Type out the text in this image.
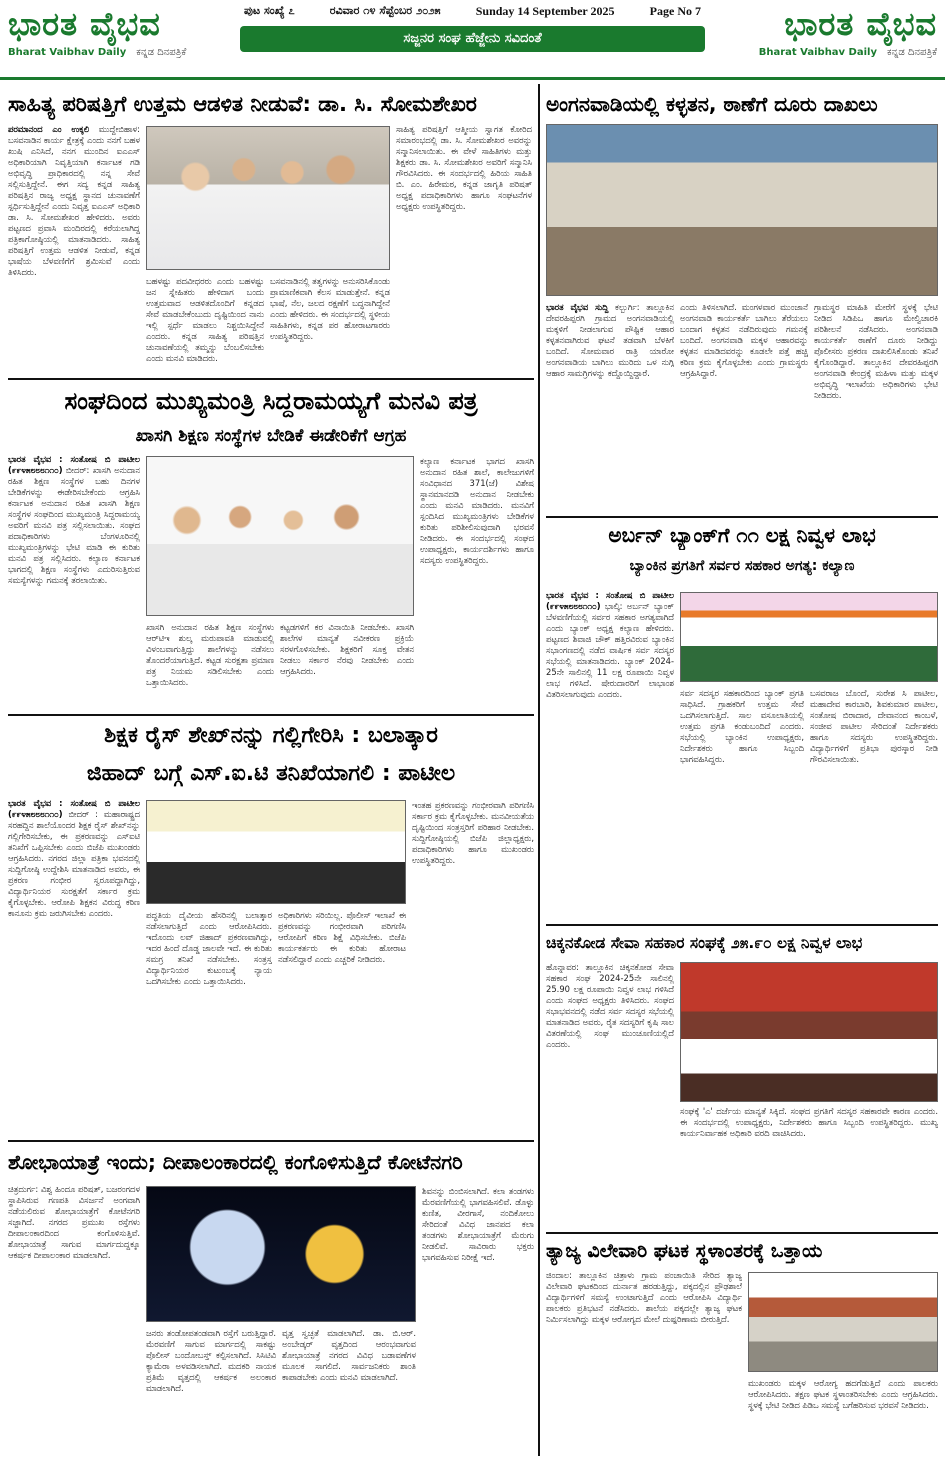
ಭಾರತ ವೈಭವ
Bharat Vaibhav Daily ಕನ್ನಡ ದಿನಪತ್ರಿಕೆ
ಪುಟ ಸಂಖ್ಯೆ ೭	ರವಿವಾರ ೧೪ ಸೆಪ್ಟೆಂಬರ ೨೦೨೫	Sunday 14 September 2025	Page No 7
ಸಜ್ಜನರ ಸಂಘ ಹೆಜ್ಜೇನು ಸವಿದಂತೆ	ಭಾರತ ವೈಭವ
Bharat Vaibhav Daily ಕನ್ನಡ ದಿನಪತ್ರಿಕೆ
ಸಾಹಿತ್ಯ ಪರಿಷತ್ತಿಗೆ ಉತ್ತಮ ಆಡಳಿತ ನೀಡುವೆ: ಡಾ. ಸಿ. ಸೋಮಶೇಖರ
ಪರಮಾನಂದ ಎಂ ಉಕ್ಕಲಿ ಮುದ್ದೇಬಿಹಾಳ: ಬಸವನಾಡಿನ ಕಾರ್ಯ ಕ್ಷೇತ್ರಕ್ಕೆ ಎಂದು ನನಗೆ ಬಹಳ ಖುಷಿ ಎನಿಸಿದೆ, ನನಗ ಮುಂದಿನ ಐಎಎಸ್ ಅಧಿಕಾರಿಯಾಗಿ ನಿವೃತ್ತಿಯಾಗಿ ಕರ್ನಾಟಕ ಗಡಿ ಅಭಿವೃದ್ಧಿ ಪ್ರಾಧಿಕಾರದಲ್ಲಿ ನನ್ನ ಸೇವೆ ಸಲ್ಲಿಸುತ್ತಿದ್ದೇನೆ. ಈಗ ಸದ್ಯ ಕನ್ನಡ ಸಾಹಿತ್ಯ ಪರಿಷತ್ತಿನ ರಾಜ್ಯ ಅಧ್ಯಕ್ಷ ಸ್ಥಾನದ ಚುನಾವಣೆಗೆ ಸ್ಪರ್ಧಿಸುತ್ತಿದ್ದೇನೆ ಎಂದು ನಿವೃತ್ತ ಐಎಎಸ್ ಅಧಿಕಾರಿ ಡಾ. ಸಿ. ಸೋಮಶೇಖರ ಹೇಳಿದರು. ಅವರು ಪಟ್ಟಣದ ಪ್ರವಾಸಿ ಮಂದಿರದಲ್ಲಿ ಕರೆಯಲಾಗಿದ್ದ ಪತ್ರಿಕಾಗೋಷ್ಠಿಯಲ್ಲಿ ಮಾತನಾಡಿದರು. ಸಾಹಿತ್ಯ ಪರಿಷತ್ತಿಗೆ ಉತ್ತಮ ಆಡಳಿತ ನೀಡುವೆ, ಕನ್ನಡ ಭಾಷೆಯ ಬೆಳವಣಿಗೆಗೆ ಶ್ರಮಿಸುವೆ ಎಂದು ತಿಳಿಸಿದರು.
ಬಹಳಷ್ಟು ಪದವೀಧರರು ಎಂದು ಬಹಳಷ್ಟು ಜನ ಸ್ನೇಹಿತರು ಹೇಳಿದಾಗ ಬಂದು ಉತ್ತಮವಾದ ಆಡಳಿತದೊಂದಿಗೆ ಕನ್ನಡದ ಸೇವೆ ಮಾಡಬೇಕೆಂಬುದು ದೃಷ್ಟಿಯಿಂದ ನಾನು ಇಲ್ಲಿ ಸ್ಪರ್ಧೆ ಮಾಡಲು ನಿಶ್ಚಯಿಸಿದ್ದೇನೆ ಎಂದರು. ಕನ್ನಡ ಸಾಹಿತ್ಯ ಪರಿಷತ್ತಿನ ಚುನಾವಣೆಯಲ್ಲಿ ತಮ್ಮನ್ನು ಬೆಂಬಲಿಸಬೇಕು ಎಂದು ಮನವಿ ಮಾಡಿದರು.
ಬಸವನಾಡಿನಲ್ಲಿ ತತ್ವಗಳನ್ನು ಅನುಸರಿಸಿಕೊಂಡು ಪ್ರಾಮಾಣಿಕವಾಗಿ ಕೆಲಸ ಮಾಡುತ್ತೇನೆ. ಕನ್ನಡ ಭಾಷೆ, ನೆಲ, ಜಲದ ರಕ್ಷಣೆಗೆ ಬದ್ಧನಾಗಿದ್ದೇನೆ ಎಂದು ಹೇಳಿದರು. ಈ ಸಂದರ್ಭದಲ್ಲಿ ಸ್ಥಳೀಯ ಸಾಹಿತಿಗಳು, ಕನ್ನಡ ಪರ ಹೋರಾಟಗಾರರು ಉಪಸ್ಥಿತರಿದ್ದರು.
ಸಾಹಿತ್ಯ ಪರಿಷತ್ತಿಗೆ ಆತ್ಮೀಯ ಸ್ವಾಗತ ಕೋರಿದ ಸಮಾರಂಭದಲ್ಲಿ ಡಾ. ಸಿ. ಸೋಮಶೇಖರ ಅವರನ್ನು ಸನ್ಮಾನಿಸಲಾಯಿತು. ಈ ವೇಳೆ ಸಾಹಿತಿಗಳು ಮತ್ತು ಶಿಕ್ಷಕರು ಡಾ. ಸಿ. ಸೋಮಶೇಖರ ಅವರಿಗೆ ಸನ್ಮಾನಿಸಿ ಗೌರವಿಸಿದರು. ಈ ಸಂದರ್ಭದಲ್ಲಿ ಹಿರಿಯ ಸಾಹಿತಿ ಬಿ. ಎಂ. ಹಿರೇಮಠ, ಕನ್ನಡ ಜಾಗೃತಿ ಪರಿಷತ್ ಅಧ್ಯಕ್ಷ ಪದಾಧಿಕಾರಿಗಳು ಹಾಗೂ ಸಂಘಟನೆಗಳ ಅಧ್ಯಕ್ಷರು ಉಪಸ್ಥಿತರಿದ್ದರು.
ಸಂಘದಿಂದ ಮುಖ್ಯಮಂತ್ರಿ ಸಿದ್ದರಾಮಯ್ಯಗೆ ಮನವಿ ಪತ್ರ
ಖಾಸಗಿ ಶಿಕ್ಷಣ ಸಂಸ್ಥೆಗಳ ಬೇಡಿಕೆ ಈಡೇರಿಕೆಗೆ ಆಗ್ರಹ
ಭಾರತ ವೈಭವ : ಸಂತೋಷ ಬಿ ಪಾಟೀಲ (೯೯೪೫೮೮೮೧೧೦) ಬೀದರ್: ಖಾಸಗಿ ಅನುದಾನ ರಹಿತ ಶಿಕ್ಷಣ ಸಂಸ್ಥೆಗಳ ಬಹು ದಿನಗಳ ಬೇಡಿಕೆಗಳನ್ನು ಈಡೇರಿಸಬೇಕೆಂದು ಆಗ್ರಹಿಸಿ ಕರ್ನಾಟಕ ಅನುದಾನ ರಹಿತ ಖಾಸಗಿ ಶಿಕ್ಷಣ ಸಂಸ್ಥೆಗಳ ಸಂಘದಿಂದ ಮುಖ್ಯಮಂತ್ರಿ ಸಿದ್ದರಾಮಯ್ಯ ಅವರಿಗೆ ಮನವಿ ಪತ್ರ ಸಲ್ಲಿಸಲಾಯಿತು. ಸಂಘದ ಪದಾಧಿಕಾರಿಗಳು ಬೆಂಗಳೂರಿನಲ್ಲಿ ಮುಖ್ಯಮಂತ್ರಿಗಳನ್ನು ಭೇಟಿ ಮಾಡಿ ಈ ಕುರಿತು ಮನವಿ ಪತ್ರ ಸಲ್ಲಿಸಿದರು. ಕಲ್ಯಾಣ ಕರ್ನಾಟಕ ಭಾಗದಲ್ಲಿ ಶಿಕ್ಷಣ ಸಂಸ್ಥೆಗಳು ಎದುರಿಸುತ್ತಿರುವ ಸಮಸ್ಯೆಗಳನ್ನು ಗಮನಕ್ಕೆ ತರಲಾಯಿತು.
ಖಾಸಗಿ ಅನುದಾನ ರಹಿತ ಶಿಕ್ಷಣ ಸಂಸ್ಥೆಗಳು ಆರ್‌ಟಿಇ ಶುಲ್ಕ ಮರುಪಾವತಿ ಮಾಡುವಲ್ಲಿ ವಿಳಂಬವಾಗುತ್ತಿದ್ದು ಶಾಲೆಗಳನ್ನು ನಡೆಸಲು ತೊಂದರೆಯಾಗುತ್ತಿದೆ. ಕಟ್ಟಡ ಸುರಕ್ಷತಾ ಪ್ರಮಾಣ ಪತ್ರ ನಿಯಮ ಸಡಿಲಿಸಬೇಕು ಎಂದು ಒತ್ತಾಯಿಸಿದರು.
ಕಟ್ಟಡಗಳಿಗೆ ಕರ ವಿನಾಯಿತಿ ನೀಡಬೇಕು. ಖಾಸಗಿ ಶಾಲೆಗಳ ಮಾನ್ಯತೆ ನವೀಕರಣ ಪ್ರಕ್ರಿಯೆ ಸರಳಗೊಳಿಸಬೇಕು. ಶಿಕ್ಷಕರಿಗೆ ಸೂಕ್ತ ವೇತನ ನೀಡಲು ಸರ್ಕಾರ ನೆರವು ನೀಡಬೇಕು ಎಂದು ಆಗ್ರಹಿಸಿದರು.
ಕಲ್ಯಾಣ ಕರ್ನಾಟಕ ಭಾಗದ ಖಾಸಗಿ ಅನುದಾನ ರಹಿತ ಶಾಲೆ, ಕಾಲೇಜುಗಳಿಗೆ ಸಂವಿಧಾನದ 371(ಜೆ) ವಿಶೇಷ ಸ್ಥಾನಮಾನದಡಿ ಅನುದಾನ ನೀಡಬೇಕು ಎಂದು ಮನವಿ ಮಾಡಿದರು. ಮನವಿಗೆ ಸ್ಪಂದಿಸಿದ ಮುಖ್ಯಮಂತ್ರಿಗಳು ಬೇಡಿಕೆಗಳ ಕುರಿತು ಪರಿಶೀಲಿಸುವುದಾಗಿ ಭರವಸೆ ನೀಡಿದರು. ಈ ಸಂದರ್ಭದಲ್ಲಿ ಸಂಘದ ಉಪಾಧ್ಯಕ್ಷರು, ಕಾರ್ಯದರ್ಶಿಗಳು ಹಾಗೂ ಸದಸ್ಯರು ಉಪಸ್ಥಿತರಿದ್ದರು.
ಶಿಕ್ಷಕ ರೈಸ್ ಶೇಖ್‌ನನ್ನು ಗಲ್ಲಿಗೇರಿಸಿ : ಬಲಾತ್ಕಾರ
ಜಿಹಾದ್ ಬಗ್ಗೆ ಎಸ್.ಐ.ಟಿ ತನಿಖೆಯಾಗಲಿ : ಪಾಟೀಲ
ಭಾರತ ವೈಭವ : ಸಂತೋಷ ಬಿ ಪಾಟೀಲ (೯೯೪೫೮೮೮೧೧೦) ಬೀದರ್ : ಮಹಾರಾಷ್ಟ್ರದ ಸರಹದ್ದಿನ ಶಾಲೆಯೊಂದರ ಶಿಕ್ಷಕ ರೈಸ್ ಶೇಖ್‌ನನ್ನು ಗಲ್ಲಿಗೇರಿಸಬೇಕು, ಈ ಪ್ರಕರಣವನ್ನು ಎಸ್‌ಐಟಿ ತನಿಖೆಗೆ ಒಪ್ಪಿಸಬೇಕು ಎಂದು ಬಿಜೆಪಿ ಮುಖಂಡರು ಆಗ್ರಹಿಸಿದರು. ನಗರದ ಜಿಲ್ಲಾ ಪತ್ರಿಕಾ ಭವನದಲ್ಲಿ ಸುದ್ದಿಗೋಷ್ಠಿ ಉದ್ದೇಶಿಸಿ ಮಾತನಾಡಿದ ಅವರು, ಈ ಪ್ರಕರಣ ಗಂಭೀರ ಸ್ವರೂಪದ್ದಾಗಿದ್ದು, ವಿದ್ಯಾರ್ಥಿನಿಯರ ಸುರಕ್ಷತೆಗೆ ಸರ್ಕಾರ ಕ್ರಮ ಕೈಗೊಳ್ಳಬೇಕು. ಆರೋಪಿ ಶಿಕ್ಷಕನ ವಿರುದ್ಧ ಕಠಿಣ ಕಾನೂನು ಕ್ರಮ ಜರುಗಿಸಬೇಕು ಎಂದರು.	ಪದ್ಧತಿಯ ದೈವೀಯ ಹೆಸರಿನಲ್ಲಿ ಬಲಾತ್ಕಾರ ನಡೆಸಲಾಗುತ್ತಿದೆ ಎಂದು ಆರೋಪಿಸಿದರು. ಇದೊಂದು ಲವ್ ಜಿಹಾದ್ ಪ್ರಕರಣವಾಗಿದ್ದು, ಇದರ ಹಿಂದೆ ದೊಡ್ಡ ಜಾಲವೇ ಇದೆ. ಈ ಕುರಿತು ಸಮಗ್ರ ತನಿಖೆ ನಡೆಸಬೇಕು. ಸಂತ್ರಸ್ತ ವಿದ್ಯಾರ್ಥಿನಿಯರ ಕುಟುಂಬಕ್ಕೆ ನ್ಯಾಯ ಒದಗಿಸಬೇಕು ಎಂದು ಒತ್ತಾಯಿಸಿದರು.
ಅಧಿಕಾರಿಗಳು ಸರಿಯಿಲ್ಲ. ಪೊಲೀಸ್ ಇಲಾಖೆ ಈ ಪ್ರಕರಣವನ್ನು ಗಂಭೀರವಾಗಿ ಪರಿಗಣಿಸಿ ಆರೋಪಿಗೆ ಕಠಿಣ ಶಿಕ್ಷೆ ವಿಧಿಸಬೇಕು. ಬಿಜೆಪಿ ಕಾರ್ಯಕರ್ತರು ಈ ಕುರಿತು ಹೋರಾಟ ನಡೆಸಲಿದ್ದಾರೆ ಎಂದು ಎಚ್ಚರಿಕೆ ನೀಡಿದರು.
ಇಂತಹ ಪ್ರಕರಣವನ್ನು ಗಂಭೀರವಾಗಿ ಪರಿಗಣಿಸಿ ಸರ್ಕಾರ ಕ್ರಮ ಕೈಗೊಳ್ಳಬೇಕು. ಮನವೀಯತೆಯ ದೃಷ್ಟಿಯಿಂದ ಸಂತ್ರಸ್ತರಿಗೆ ಪರಿಹಾರ ನೀಡಬೇಕು. ಸುದ್ದಿಗೋಷ್ಠಿಯಲ್ಲಿ ಬಿಜೆಪಿ ಜಿಲ್ಲಾಧ್ಯಕ್ಷರು, ಪದಾಧಿಕಾರಿಗಳು ಹಾಗೂ ಮುಖಂಡರು ಉಪಸ್ಥಿತರಿದ್ದರು.
ಶೋಭಾಯಾತ್ರೆ ಇಂದು; ದೀಪಾಲಂಕಾರದಲ್ಲಿ ಕಂಗೊಳಿಸುತ್ತಿದೆ ಕೋಟೆನಗರಿ
ಚಿತ್ರದುರ್ಗ: ವಿಶ್ವ ಹಿಂದೂ ಪರಿಷತ್, ಬಜರಂಗದಳ ಸ್ಥಾಪಿಸಿರುವ ಗಣಪತಿ ವಿಸರ್ಜನೆ ಅಂಗವಾಗಿ ನಡೆಯಲಿರುವ ಶೋಭಾಯಾತ್ರೆಗೆ ಕೋಟೆನಗರಿ ಸಜ್ಜಾಗಿದೆ. ನಗರದ ಪ್ರಮುಖ ರಸ್ತೆಗಳು ದೀಪಾಲಂಕಾರದಿಂದ ಕಂಗೊಳಿಸುತ್ತಿವೆ. ಶೋಭಾಯಾತ್ರೆ ಸಾಗುವ ಮಾರ್ಗದುದ್ದಕ್ಕೂ ಆಕರ್ಷಕ ದೀಪಾಲಂಕಾರ ಮಾಡಲಾಗಿದೆ.
ಜನರು ತಂಡೋಪತಂಡವಾಗಿ ರಸ್ತೆಗೆ ಬರುತ್ತಿದ್ದಾರೆ. ಮೆರವಣಿಗೆ ಸಾಗುವ ಮಾರ್ಗದಲ್ಲಿ ಸಾಕಷ್ಟು ಪೊಲೀಸ್ ಬಂದೋಬಸ್ತ್ ಕಲ್ಪಿಸಲಾಗಿದೆ. ಸಿಸಿಟಿವಿ ಕ್ಯಾಮೆರಾ ಅಳವಡಿಸಲಾಗಿದೆ. ಮದಕರಿ ನಾಯಕ ಪ್ರತಿಮೆ ವೃತ್ತದಲ್ಲಿ ಆಕರ್ಷಕ ಅಲಂಕಾರ ಮಾಡಲಾಗಿದೆ.
ವೃತ್ತ ಸ್ವಚ್ಛತೆ ಮಾಡಲಾಗಿದೆ. ಡಾ. ಬಿ.ಆರ್. ಅಂಬೇಡ್ಕರ್ ವೃತ್ತದಿಂದ ಆರಂಭವಾಗುವ ಶೋಭಾಯಾತ್ರೆ ನಗರದ ವಿವಿಧ ಬಡಾವಣೆಗಳ ಮೂಲಕ ಸಾಗಲಿದೆ. ಸಾರ್ವಜನಿಕರು ಶಾಂತಿ ಕಾಪಾಡಬೇಕು ಎಂದು ಮನವಿ ಮಾಡಲಾಗಿದೆ.
ಶಿವನನ್ನು ಬಿಂಬಿಸಲಾಗಿದೆ. ಕಲಾ ತಂಡಗಳು ಮೆರವಣಿಗೆಯಲ್ಲಿ ಭಾಗವಹಿಸಲಿವೆ. ಡೊಳ್ಳು ಕುಣಿತ, ವೀರಗಾಸೆ, ನಂದಿಕೋಲು ಸೇರಿದಂತೆ ವಿವಿಧ ಜಾನಪದ ಕಲಾ ತಂಡಗಳು ಶೋಭಾಯಾತ್ರೆಗೆ ಮೆರುಗು ನೀಡಲಿವೆ. ಸಾವಿರಾರು ಭಕ್ತರು ಭಾಗವಹಿಸುವ ನಿರೀಕ್ಷೆ ಇದೆ.
ಅಂಗನವಾಡಿಯಲ್ಲಿ ಕಳ್ಳತನ, ಠಾಣೆಗೆ ದೂರು ದಾಖಲು
ಭಾರತ ವೈಭವ ಸುದ್ದಿ ಕಲ್ಬುರ್ಗಿ: ತಾಲ್ಲೂಕಿನ ದೇವರಹಿಪ್ಪರಗಿ ಗ್ರಾಮದ ಅಂಗನವಾಡಿಯಲ್ಲಿ ಮಕ್ಕಳಿಗೆ ನೀಡಲಾಗುವ ಪೌಷ್ಟಿಕ ಆಹಾರ ಕಳ್ಳತನವಾಗಿರುವ ಘಟನೆ ತಡವಾಗಿ ಬೆಳಕಿಗೆ ಬಂದಿದೆ. ಸೋಮವಾರ ರಾತ್ರಿ ಯಾರೋ ಅಂಗನವಾಡಿಯ ಬಾಗಿಲು ಮುರಿದು ಒಳ ನುಗ್ಗಿ ಆಹಾರ ಸಾಮಗ್ರಿಗಳನ್ನು ಕದ್ದೊಯ್ದಿದ್ದಾರೆ.
ಎಂದು ತಿಳಿಸಲಾಗಿದೆ. ಮಂಗಳವಾರ ಮುಂಜಾನೆ ಅಂಗನವಾಡಿ ಕಾರ್ಯಕರ್ತೆ ಬಾಗಿಲು ತೆರೆಯಲು ಬಂದಾಗ ಕಳ್ಳತನ ನಡೆದಿರುವುದು ಗಮನಕ್ಕೆ ಬಂದಿದೆ. ಅಂಗನವಾಡಿ ಮಕ್ಕಳ ಆಹಾರವನ್ನು ಕಳ್ಳತನ ಮಾಡಿದವರನ್ನು ಕೂಡಲೇ ಪತ್ತೆ ಹಚ್ಚಿ ಕಠಿಣ ಕ್ರಮ ಕೈಗೊಳ್ಳಬೇಕು ಎಂದು ಗ್ರಾಮಸ್ಥರು ಆಗ್ರಹಿಸಿದ್ದಾರೆ.
ಗ್ರಾಮಸ್ಥರ ಮಾಹಿತಿ ಮೇರೆಗೆ ಸ್ಥಳಕ್ಕೆ ಭೇಟಿ ನೀಡಿದ ಸಿಡಿಪಿಒ ಹಾಗೂ ಮೇಲ್ವಿಚಾರಕಿ ಪರಿಶೀಲನೆ ನಡೆಸಿದರು. ಅಂಗನವಾಡಿ ಕಾರ್ಯಕರ್ತೆ ಠಾಣೆಗೆ ದೂರು ನೀಡಿದ್ದು ಪೊಲೀಸರು ಪ್ರಕರಣ ದಾಖಲಿಸಿಕೊಂಡು ತನಿಖೆ ಕೈಗೊಂಡಿದ್ದಾರೆ. ತಾಲ್ಲೂಕಿನ ದೇವರಹಿಪ್ಪರಗಿ ಅಂಗನವಾಡಿ ಕೇಂದ್ರಕ್ಕೆ ಮಹಿಳಾ ಮತ್ತು ಮಕ್ಕಳ ಅಭಿವೃದ್ಧಿ ಇಲಾಖೆಯ ಅಧಿಕಾರಿಗಳು ಭೇಟಿ ನೀಡಿದರು.
ಅರ್ಬನ್ ಬ್ಯಾಂಕ್‌ಗೆ ೧೧ ಲಕ್ಷ ನಿವ್ವಳ ಲಾಭ
ಬ್ಯಾಂಕಿನ ಪ್ರಗತಿಗೆ ಸರ್ವರ ಸಹಕಾರ ಅಗತ್ಯ: ಕಲ್ಯಾಣ
ಭಾರತ ವೈಭವ : ಸಂತೋಷ ಬಿ ಪಾಟೀಲ (೯೯೪೫೮೮೮೧೧೦) ಭಾಲ್ಕಿ: ಅರ್ಬನ್ ಬ್ಯಾಂಕ್ ಬೆಳವಣಿಗೆಯಲ್ಲಿ ಸರ್ವರ ಸಹಕಾರ ಅಗತ್ಯವಾಗಿದೆ ಎಂದು ಬ್ಯಾಂಕ್ ಅಧ್ಯಕ್ಷ ಕಲ್ಯಾಣ ಹೇಳಿದರು. ಪಟ್ಟಣದ ಶಿವಾಜಿ ಚೌಕ್ ಹತ್ತಿರವಿರುವ ಬ್ಯಾಂಕಿನ ಸಭಾಂಗಣದಲ್ಲಿ ನಡೆದ ವಾರ್ಷಿಕ ಸರ್ವ ಸದಸ್ಯರ ಸಭೆಯಲ್ಲಿ ಮಾತನಾಡಿದರು. ಬ್ಯಾಂಕ್ 2024-25ನೇ ಸಾಲಿನಲ್ಲಿ 11 ಲಕ್ಷ ರೂಪಾಯಿ ನಿವ್ವಳ ಲಾಭ ಗಳಿಸಿದೆ. ಷೇರುದಾರರಿಗೆ ಲಾಭಾಂಶ ವಿತರಿಸಲಾಗುವುದು ಎಂದರು.	ಸರ್ವ ಸದಸ್ಯರ ಸಹಕಾರದಿಂದ ಬ್ಯಾಂಕ್ ಪ್ರಗತಿ ಸಾಧಿಸಿದೆ. ಗ್ರಾಹಕರಿಗೆ ಉತ್ತಮ ಸೇವೆ ಒದಗಿಸಲಾಗುತ್ತಿದೆ. ಸಾಲ ವಸೂಲಾತಿಯಲ್ಲಿ ಉತ್ತಮ ಪ್ರಗತಿ ಕಂಡುಬಂದಿದೆ ಎಂದರು. ಸಭೆಯಲ್ಲಿ ಬ್ಯಾಂಕಿನ ಉಪಾಧ್ಯಕ್ಷರು, ನಿರ್ದೇಶಕರು ಹಾಗೂ ಸಿಬ್ಬಂದಿ ಭಾಗವಹಿಸಿದ್ದರು.
ಬಸವರಾಜ ಬೊಂದೆ, ಸುರೇಶ ಸಿ ಪಾಟೀಲ, ಮಹಾದೇವ ಕಾರಬಾರಿ, ಶಿವಕುಮಾರ ಪಾಟೀಲ, ಸಂತೋಷ ಬಿರಾದಾರ, ದೇವಾನಂದ ಕಾಂಬಳೆ, ಸಂಜೀವ ಪಾಟೀಲ ಸೇರಿದಂತೆ ನಿರ್ದೇಶಕರು ಹಾಗೂ ಸದಸ್ಯರು ಉಪಸ್ಥಿತರಿದ್ದರು. ವಿದ್ಯಾರ್ಥಿಗಳಿಗೆ ಪ್ರತಿಭಾ ಪುರಸ್ಕಾರ ನೀಡಿ ಗೌರವಿಸಲಾಯಿತು.
ಚಿಕ್ಕನಕೋಡ ಸೇವಾ ಸಹಕಾರ ಸಂಘಕ್ಕೆ ೨೫.೯೦ ಲಕ್ಷ ನಿವ್ವಳ ಲಾಭ
ಹೊನ್ನಾವರ: ತಾಲ್ಲೂಕಿನ ಚಿಕ್ಕನಕೋಡ ಸೇವಾ ಸಹಕಾರ ಸಂಘ 2024-25ನೇ ಸಾಲಿನಲ್ಲಿ 25.90 ಲಕ್ಷ ರೂಪಾಯಿ ನಿವ್ವಳ ಲಾಭ ಗಳಿಸಿದೆ ಎಂದು ಸಂಘದ ಅಧ್ಯಕ್ಷರು ತಿಳಿಸಿದರು. ಸಂಘದ ಸಭಾಭವನದಲ್ಲಿ ನಡೆದ ಸರ್ವ ಸದಸ್ಯರ ಸಭೆಯಲ್ಲಿ ಮಾತನಾಡಿದ ಅವರು, ರೈತ ಸದಸ್ಯರಿಗೆ ಕೃಷಿ ಸಾಲ ವಿತರಣೆಯಲ್ಲಿ ಸಂಘ ಮುಂಚೂಣಿಯಲ್ಲಿದೆ ಎಂದರು.
ಸಂಘಕ್ಕೆ 'ಎ' ದರ್ಜೆಯ ಮಾನ್ಯತೆ ಸಿಕ್ಕಿದೆ. ಸಂಘದ ಪ್ರಗತಿಗೆ ಸದಸ್ಯರ ಸಹಕಾರವೇ ಕಾರಣ ಎಂದರು. ಈ ಸಂದರ್ಭದಲ್ಲಿ ಉಪಾಧ್ಯಕ್ಷರು, ನಿರ್ದೇಶಕರು ಹಾಗೂ ಸಿಬ್ಬಂದಿ ಉಪಸ್ಥಿತರಿದ್ದರು. ಮುಖ್ಯ ಕಾರ್ಯನಿರ್ವಾಹಕ ಅಧಿಕಾರಿ ವರದಿ ವಾಚಿಸಿದರು.
ತ್ಯಾಜ್ಯ ವಿಲೇವಾರಿ ಘಟಕ ಸ್ಥಳಾಂತರಕ್ಕೆ ಒತ್ತಾಯ
ಜಿಂದಾಲ: ತಾಲ್ಲೂಕಿನ ಚಿತ್ರಾಳು ಗ್ರಾಮ ಪಂಚಾಯಿತಿ ಸೇರಿದ ತ್ಯಾಜ್ಯ ವಿಲೇವಾರಿ ಘಟಕದಿಂದ ದುರ್ನಾತ ಹರಡುತ್ತಿದ್ದು, ಪಕ್ಕದಲ್ಲಿನ ಪ್ರೌಢಶಾಲೆ ವಿದ್ಯಾರ್ಥಿಗಳಿಗೆ ಸಮಸ್ಯೆ ಉಂಟಾಗುತ್ತಿದೆ ಎಂದು ಆರೋಪಿಸಿ ವಿದ್ಯಾರ್ಥಿ ಪಾಲಕರು ಪ್ರತಿಭಟನೆ ನಡೆಸಿದರು. ಶಾಲೆಯ ಪಕ್ಕದಲ್ಲೇ ತ್ಯಾಜ್ಯ ಘಟಕ ನಿರ್ಮಿಸಲಾಗಿದ್ದು ಮಕ್ಕಳ ಆರೋಗ್ಯದ ಮೇಲೆ ದುಷ್ಪರಿಣಾಮ ಬೀರುತ್ತಿದೆ.
ಮುಖಂಡರು ಮಕ್ಕಳ ಆರೋಗ್ಯ ಹದಗೆಡುತ್ತಿದೆ ಎಂದು ಪಾಲಕರು ಆರೋಪಿಸಿದರು. ತಕ್ಷಣ ಘಟಕ ಸ್ಥಳಾಂತರಿಸಬೇಕು ಎಂದು ಆಗ್ರಹಿಸಿದರು. ಸ್ಥಳಕ್ಕೆ ಭೇಟಿ ನೀಡಿದ ಪಿಡಿಒ ಸಮಸ್ಯೆ ಬಗೆಹರಿಸುವ ಭರವಸೆ ನೀಡಿದರು.
